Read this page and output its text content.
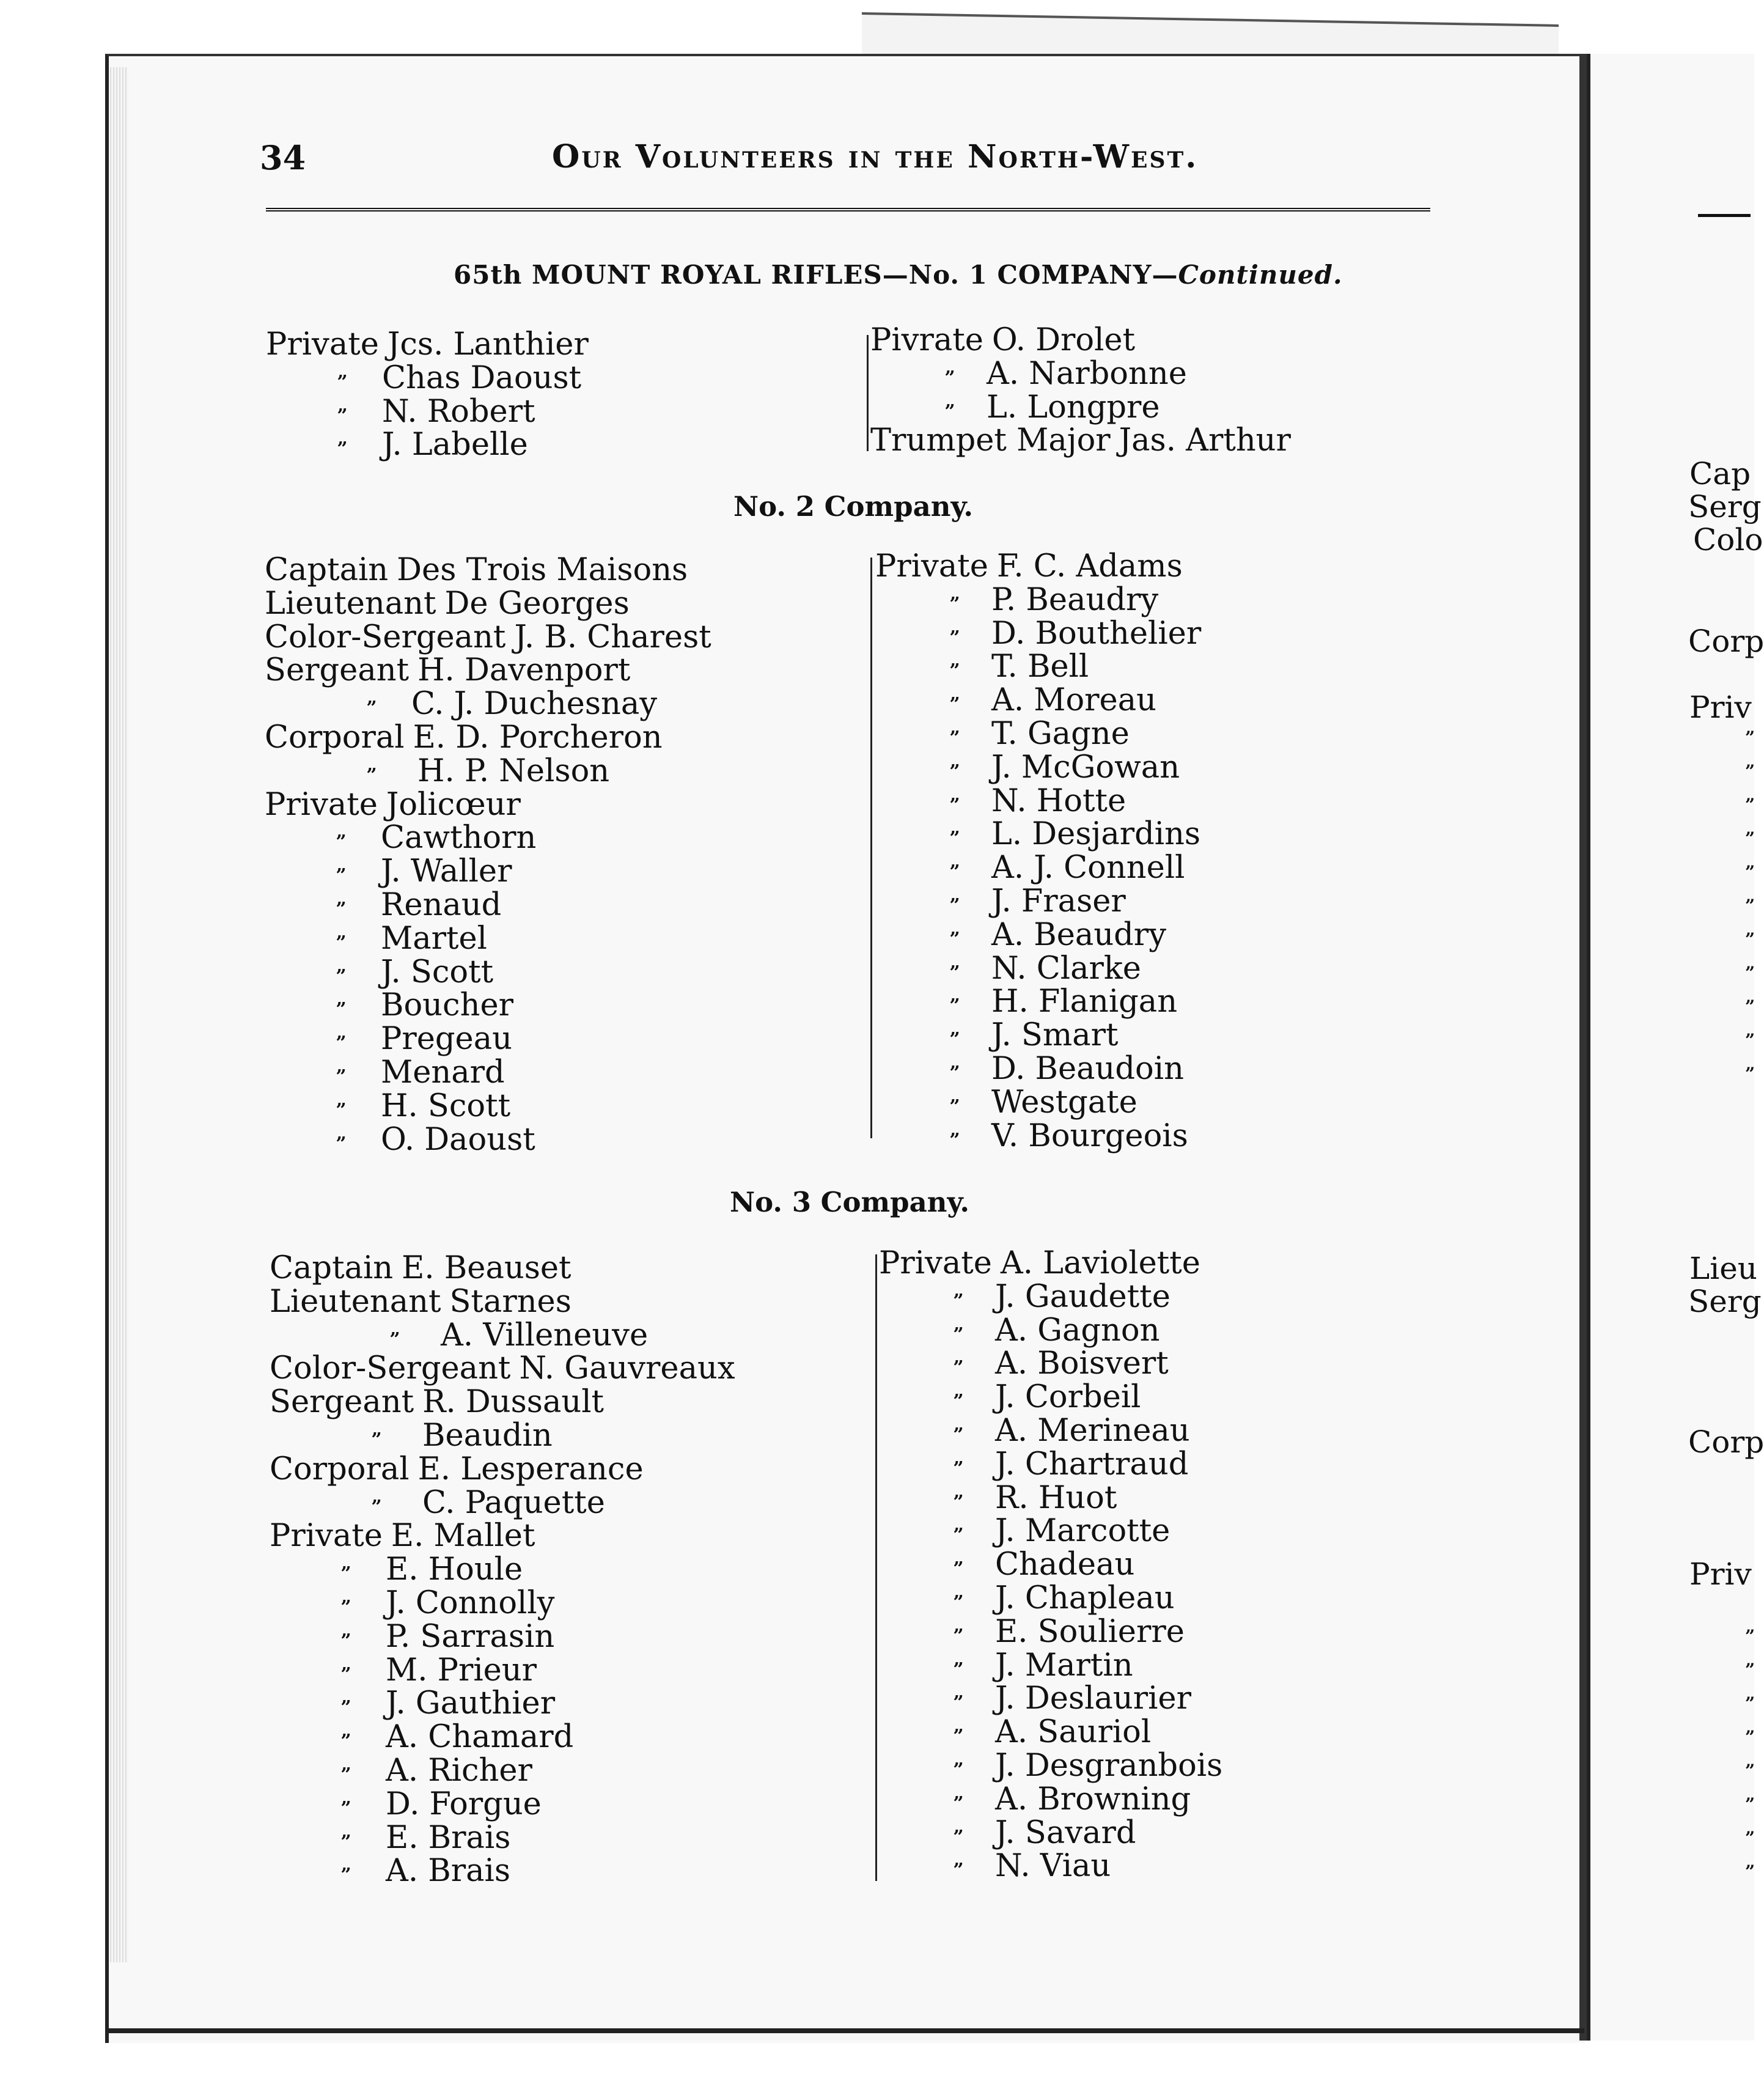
34	Our Volunteers in the North-West.
65th MOUNT ROYAL RIFLES—No. 1 COMPANY—Continued.
Private Jcs. Lanthier
”	Chas Daoust
”	N. Robert
”	J. Labelle
Pivrate O. Drolet
”	A. Narbonne
”	L. Longpre
Trumpet Major Jas. Arthur
No. 2 Company.
Captain Des Trois Maisons
Lieutenant De Georges
Color-Sergeant J. B. Charest
Sergeant H. Davenport
”	C. J. Duchesnay
Corporal E. D. Porcheron
”	H. P. Nelson
Private Jolicœur
”	Cawthorn
”	J. Waller
”	Renaud
”	Martel
”	J. Scott
”	Boucher
”	Pregeau
”	Menard
”	H. Scott
”	O. Daoust
Private F. C. Adams
”	P. Beaudry
”	D. Bouthelier
”	T. Bell
”	A. Moreau
”	T. Gagne
”	J. McGowan
”	N. Hotte
”	L. Desjardins
”	A. J. Connell
”	J. Fraser
”	A. Beaudry
”	N. Clarke
”	H. Flanigan
”	J. Smart
”	D. Beaudoin
”	Westgate
”	V. Bourgeois
No. 3 Company.
Captain E. Beauset
Lieutenant Starnes
”	A. Villeneuve
Color-Sergeant N. Gauvreaux
Sergeant R. Dussault
”	Beaudin
Corporal E. Lesperance
”	C. Paquette
Private E. Mallet
”	E. Houle
”	J. Connolly
”	P. Sarrasin
”	M. Prieur
”	J. Gauthier
”	A. Chamard
”	A. Richer
”	D. Forgue
”	E. Brais
”	A. Brais
Private A. Laviolette
”	J. Gaudette
”	A. Gagnon
”	A. Boisvert
”	J. Corbeil
”	A. Merineau
”	J. Chartraud
”	R. Huot
”	J. Marcotte
”	Chadeau
”	J. Chapleau
”	E. Soulierre
”	J. Martin
”	J. Deslaurier
”	A. Sauriol
”	J. Desgranbois
”	A. Browning
”	J. Savard
”	N. Viau
Cap
Serg
Colo
Corp
Priv
Lieu
Serg
Corp
Priv
”
”
”
”
”
”
”
”
”
”
”
”
”
”
”
”
”
”
”
